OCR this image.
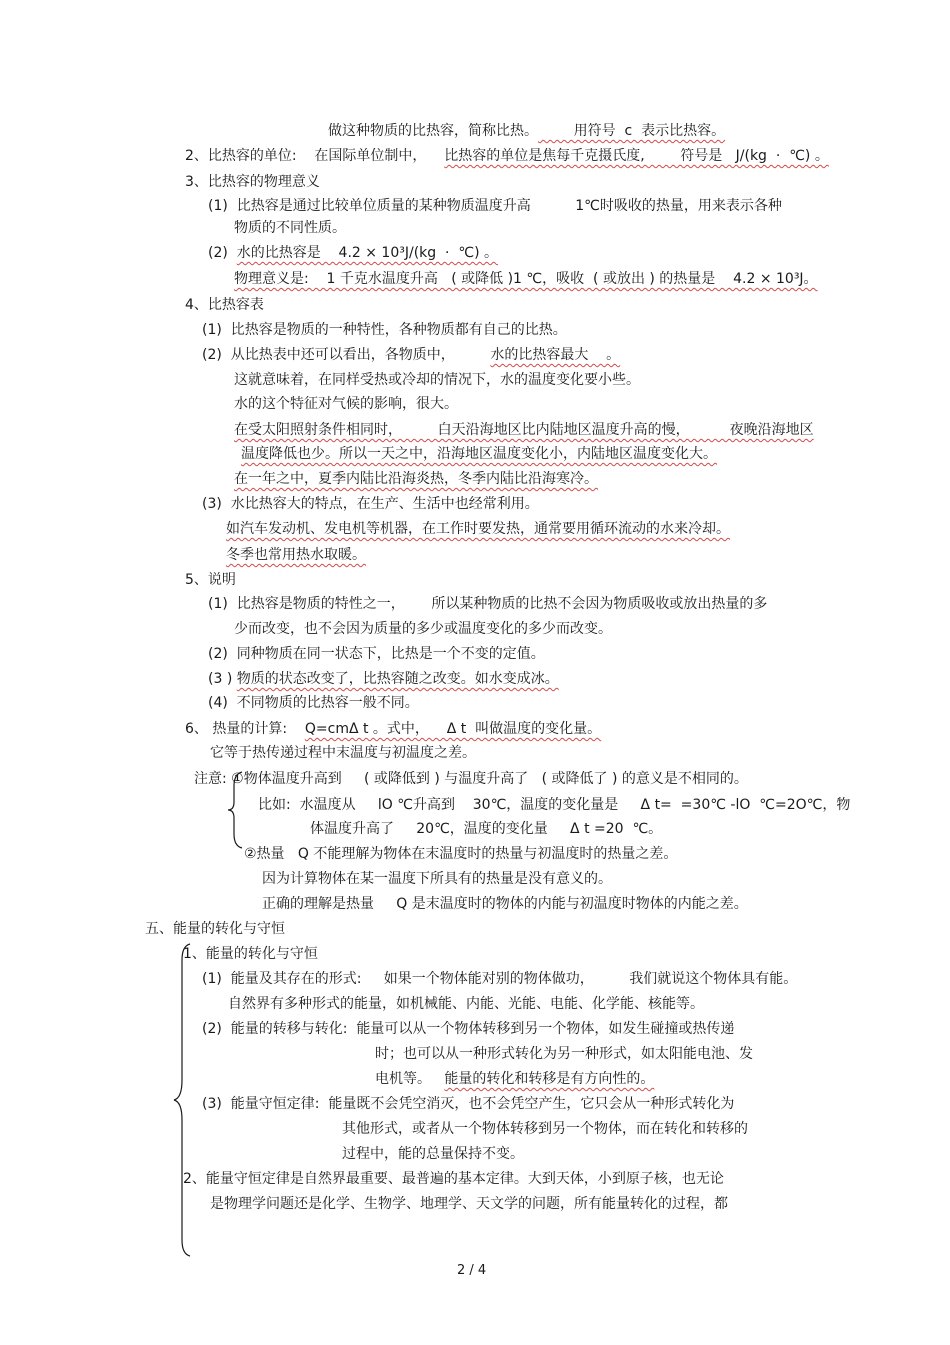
做这种物质的比热容，简称比热。        用符号  c  表示比热容。
2、比热容的单位:    在国际单位制中，    比热容的单位是焦每千克摄氏度,        符号是   J/(kg  ·  ℃) 。
3、比热容的物理意义
(1)  比热容是通过比较单位质量的某种物质温度升高          1℃时吸收的热量，用来表示各种
物质的不同性质。
(2)  水的比热容是    4.2 × 10³J/(kg  ·  ℃) 。
物理意义是:    1 千克水温度升高   ( 或降低 )1 ℃，吸收  ( 或放出 ) 的热量是    4.2 × 10³J。
4、比热容表
(1)  比热容是物质的一种特性，各种物质都有自己的比热。
(2)  从比热表中还可以看出，各物质中，        水的比热容最大    。
这就意味着，在同样受热或冷却的情况下，水的温度变化要小些。
水的这个特征对气候的影响，很大。
在受太阳照射条件相同时，        白天沿海地区比内陆地区温度升高的慢，         夜晚沿海地区
温度降低也少。所以一天之中，沿海地区温度变化小，内陆地区温度变化大。
在一年之中，夏季内陆比沿海炎热，冬季内陆比沿海寒冷。
(3)  水比热容大的特点，在生产、生活中也经常利用。
如汽车发动机、发电机等机器，在工作时要发热，通常要用循环流动的水来冷却。
冬季也常用热水取暖。
5、说明
(1)  比热容是物质的特性之一，      所以某种物质的比热不会因为物质吸收或放出热量的多
少而改变，也不会因为质量的多少或温度变化的多少而改变。
(2)  同种物质在同一状态下，比热是一个不变的定值。
(3 ) 物质的状态改变了，比热容随之改变。如水变成冰。
(4)  不同物质的比热容一般不同。
6、 热量的计算:    Q=cmΔ t 。式中，    Δ t  叫做温度的变化量。
它等于热传递过程中末温度与初温度之差。
注意: ①物体温度升高到     ( 或降低到 ) 与温度升高了   ( 或降低了 ) 的意义是不相同的。
比如:  水温度从     lO ℃升高到    30℃，温度的变化量是     Δ t=  =30℃ -lO  ℃=2O℃，物
体温度升高了     20℃，温度的变化量     Δ t =20  ℃。
②热量   Q 不能理解为物体在末温度时的热量与初温度时的热量之差。
因为计算物体在某一温度下所具有的热量是没有意义的。
正确的理解是热量     Q 是末温度时的物体的内能与初温度时物体的内能之差。
五、能量的转化与守恒
1、能量的转化与守恒
(1)  能量及其存在的形式:     如果一个物体能对别的物体做功，        我们就说这个物体具有能。
自然界有多种形式的能量，如机械能、内能、光能、电能、化学能、核能等。
(2)  能量的转移与转化:  能量可以从一个物体转移到另一个物体，如发生碰撞或热传递
时；也可以从一种形式转化为另一种形式，如太阳能电池、发
电机等。   能量的转化和转移是有方向性的。
(3)  能量守恒定律:  能量既不会凭空消灭，也不会凭空产生，它只会从一种形式转化为
其他形式，或者从一个物体转移到另一个物体，而在转化和转移的
过程中，能的总量保持不变。
2、能量守恒定律是自然界最重要、最普遍的基本定律。大到天体，小到原子核，也无论
是物理学问题还是化学、生物学、地理学、天文学的问题，所有能量转化的过程，都
2 / 4
